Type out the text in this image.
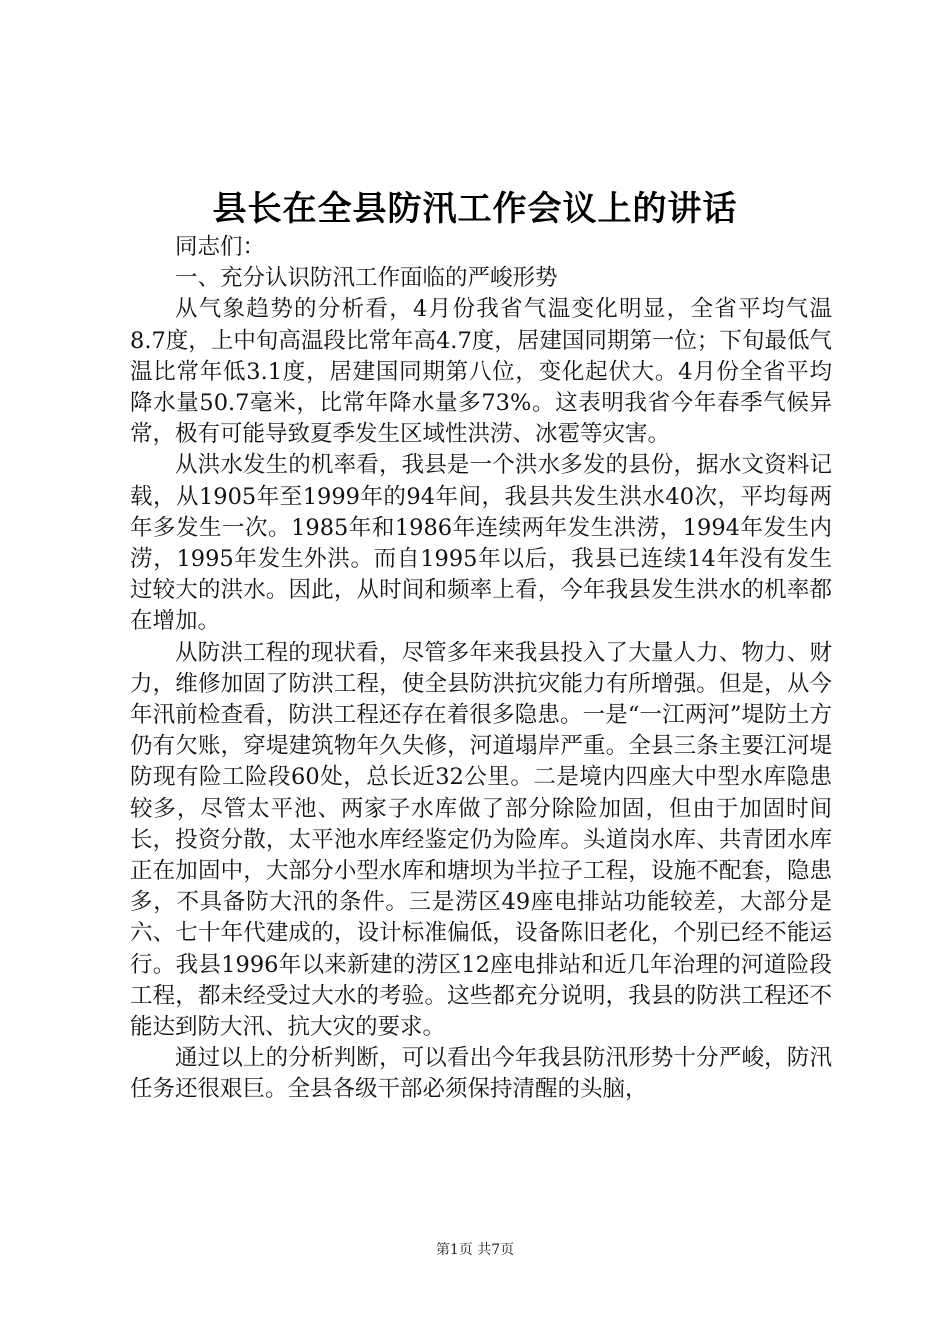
县长在全县防汛工作会议上的讲话

同志们：

一、充分认识防汛工作面临的严峻形势

从气象趋势的分析看，4月份我省气温变化明显，全省平均气温8.7度，上中旬高温段比常年高4.7度，居建国同期第一位；下旬最低气温比常年低3.1度，居建国同期第八位，变化起伏大。4月份全省平均降水量50.7毫米，比常年降水量多73%。这表明我省今年春季气候异常，极有可能导致夏季发生区域性洪涝、冰雹等灾害。

从洪水发生的机率看，我县是一个洪水多发的县份，据水文资料记载，从1905年至1999年的94年间，我县共发生洪水40次，平均每两年多发生一次。1985年和1986年连续两年发生洪涝，1994年发生内涝，1995年发生外洪。而自1995年以后，我县已连续14年没有发生过较大的洪水。因此，从时间和频率上看，今年我县发生洪水的机率都在增加。

从防洪工程的现状看，尽管多年来我县投入了大量人力、物力、财力，维修加固了防洪工程，使全县防洪抗灾能力有所增强。但是，从今年汛前检查看，防洪工程还存在着很多隐患。一是“一江两河”堤防土方仍有欠账，穿堤建筑物年久失修，河道塌岸严重。全县三条主要江河堤防现有险工险段60处，总长近32公里。二是境内四座大中型水库隐患较多，尽管太平池、两家子水库做了部分除险加固，但由于加固时间长，投资分散，太平池水库经鉴定仍为险库。头道岗水库、共青团水库正在加固中，大部分小型水库和塘坝为半拉子工程，设施不配套，隐患多，不具备防大汛的条件。三是涝区49座电排站功能较差，大部分是六、七十年代建成的，设计标准偏低，设备陈旧老化，个别已经不能运行。我县1996年以来新建的涝区12座电排站和近几年治理的河道险段工程，都未经受过大水的考验。这些都充分说明，我县的防洪工程还不能达到防大汛、抗大灾的要求。

通过以上的分析判断，可以看出今年我县防汛形势十分严峻，防汛任务还很艰巨。全县各级干部必须保持清醒的头脑，

第1页 共7页
